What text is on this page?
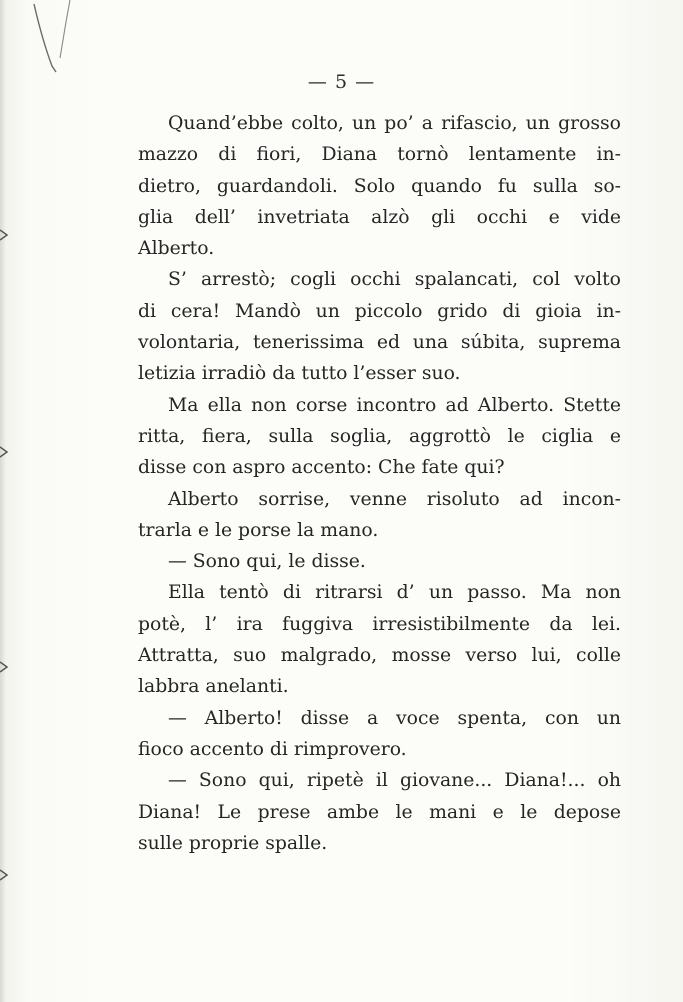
— 5 —

Quand’ebbe colto, un po’ a rifascio, un grosso
mazzo di fiori, Diana tornò lentamente in-
dietro, guardandoli. Solo quando fu sulla so-
glia dell’ invetriata alzò gli occhi e vide
Alberto.

S’ arrestò; cogli occhi spalancati, col volto
di cera! Mandò un piccolo grido di gioia in-
volontaria, tenerissima ed una súbita, suprema
letizia irradiò da tutto l’esser suo.

Ma ella non corse incontro ad Alberto. Stette
ritta, fiera, sulla soglia, aggrottò le ciglia e
disse con aspro accento: Che fate qui?

Alberto sorrise, venne risoluto ad incon-
trarla e le porse la mano.

— Sono qui, le disse.

Ella tentò di ritrarsi d’ un passo. Ma non
potè, l’ ira fuggiva irresistibilmente da lei.
Attratta, suo malgrado, mosse verso lui, colle
labbra anelanti.

— Alberto! disse a voce spenta, con un
fioco accento di rimprovero.

— Sono qui, ripetè il giovane... Diana!... oh
Diana! Le prese ambe le mani e le depose
sulle proprie spalle.
